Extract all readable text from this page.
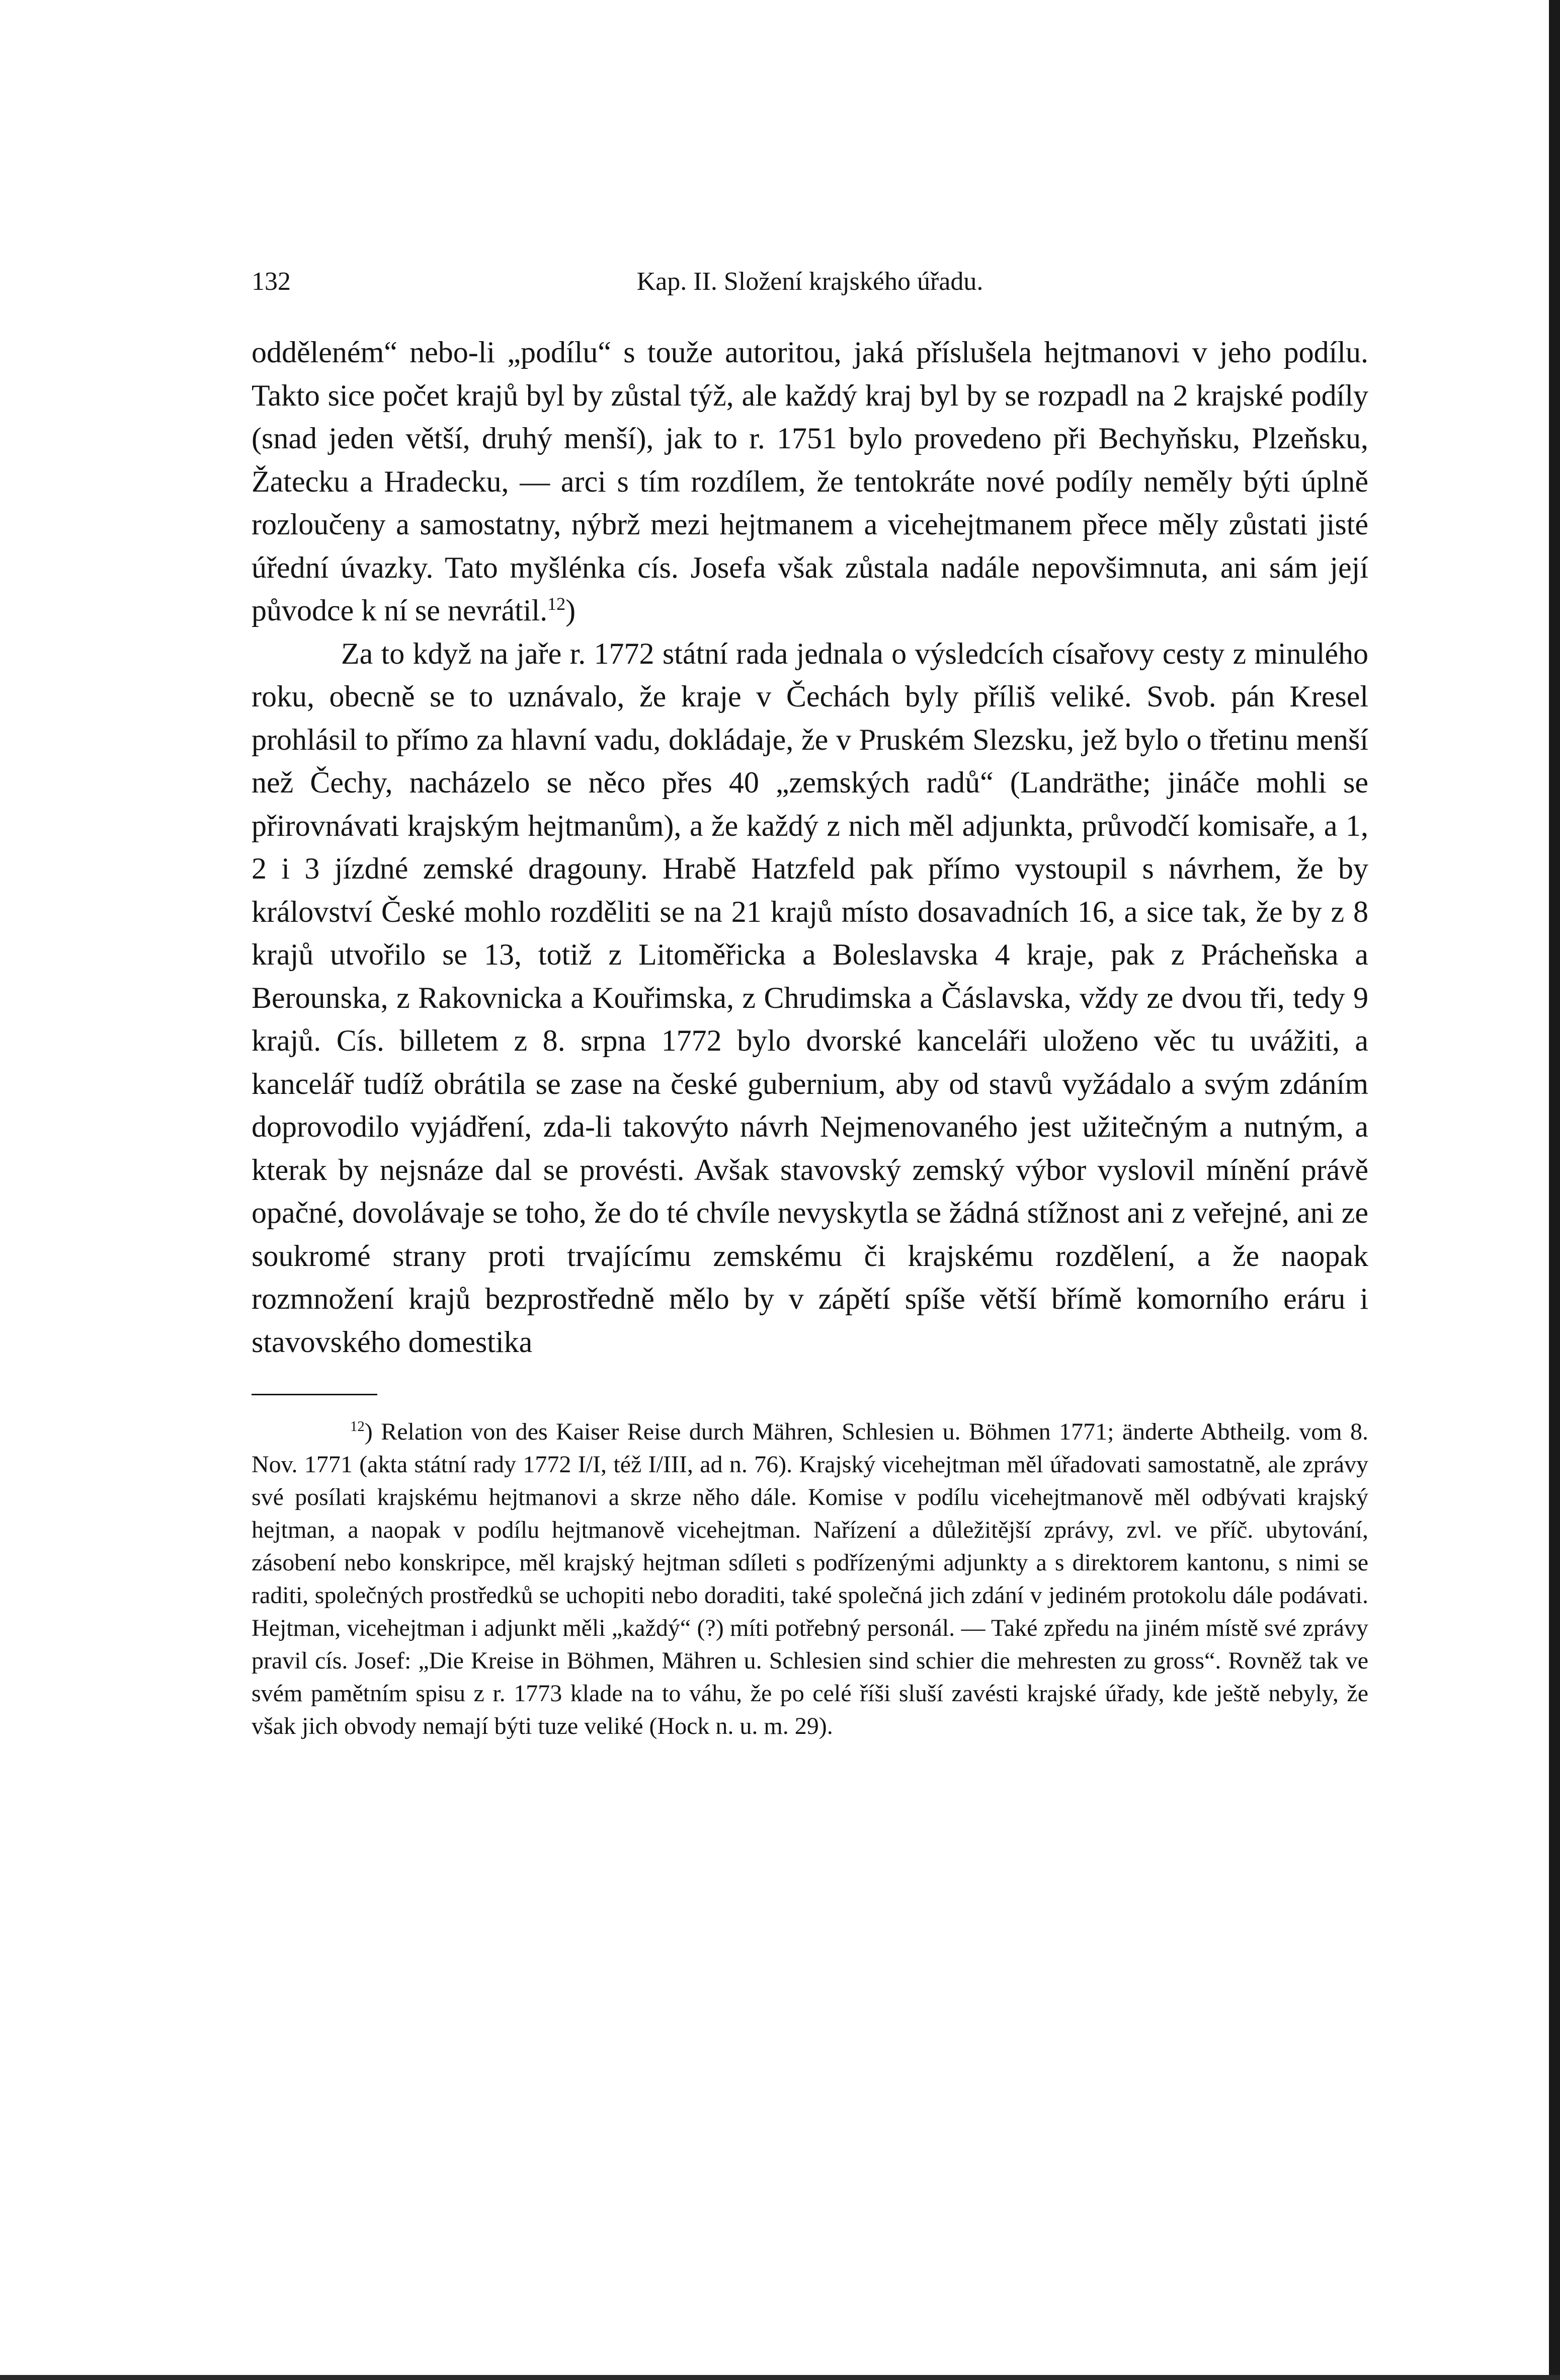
132	Kap. II. Složení krajského úřadu.

odděleném“ nebo-li „podílu“ s touže autoritou, jaká příslušela hejtmanovi v jeho podílu. Takto sice počet krajů byl by zůstal týž, ale každý kraj byl by se rozpadl na 2 krajské podíly (snad jeden větší, druhý menší), jak to r. 1751 bylo provedeno při Bechyňsku, Plzeňsku, Žatecku a Hradecku, — arci s tím rozdílem, že tentokráte nové podíly neměly býti úplně rozloučeny a samostatny, nýbrž mezi hejtmanem a vicehejtmanem přece měly zůstati jisté úřední úvazky. Tato myšlénka cís. Josefa však zůstala nadále nepovšimnuta, ani sám její původce k ní se nevrátil.$^{12}$)

Za to když na jaře r. 1772 státní rada jednala o výsledcích císařovy cesty z minulého roku, obecně se to uznávalo, že kraje v Čechách byly příliš veliké. Svob. pán Kresel prohlásil to přímo za hlavní vadu, dokládaje, že v Pruském Slezsku, jež bylo o třetinu menší než Čechy, nacházelo se něco přes 40 „zemských radů“ (Landräthe; jináče mohli se přirovnávati krajským hejtmanům), a že každý z nich měl adjunkta, průvodčí komisaře, a 1, 2 i 3 jízdné zemské dragouny. Hrabě Hatzfeld pak přímo vystoupil s návrhem, že by království České mohlo rozděliti se na 21 krajů místo dosavadních 16, a sice tak, že by z 8 krajů utvořilo se 13, totiž z Litoměřicka a Boleslavska 4 kraje, pak z Prácheňska a Berounska, z Rakovnicka a Kouřimska, z Chrudimska a Čáslavska, vždy ze dvou tři, tedy 9 krajů. Cís. billetem z 8. srpna 1772 bylo dvorské kanceláři uloženo věc tu uvážiti, a kancelář tudíž obrátila se zase na české gubernium, aby od stavů vyžádalo a svým zdáním doprovodilo vyjádření, zda-li takovýto návrh Nejmenovaného jest užitečným a nutným, a kterak by nejsnáze dal se provésti. Avšak stavovský zemský výbor vyslovil mínění právě opačné, dovolávaje se toho, že do té chvíle nevyskytla se žádná stížnost ani z veřejné, ani ze soukromé strany proti trvajícímu zemskému či krajskému rozdělení, a že naopak rozmnožení krajů bezprostředně mělo by v zápětí spíše větší břímě komorního eráru i stavovského domestika

$^{12}$) Relation von des Kaiser Reise durch Mähren, Schlesien u. Böhmen 1771; änderte Abtheilg. vom 8. Nov. 1771 (akta státní rady 1772 I/I, též I/III, ad n. 76). Krajský vicehejtman měl úřadovati samostatně, ale zprávy své posílati krajskému hejtmanovi a skrze něho dále. Komise v podílu vicehejtmanově měl odbývati krajský hejtman, a naopak v podílu hejtmanově vicehejtman. Nařízení a důležitější zprávy, zvl. ve příč. ubytování, zásobení nebo konskripce, měl krajský hejtman sdíleti s podřízenými adjunkty a s direktorem kantonu, s nimi se raditi, společných prostředků se uchopiti nebo doraditi, také společná jich zdání v jediném protokolu dále podávati. Hejtman, vicehejtman i adjunkt měli „každý“ (?) míti potřebný personál. — Také zpředu na jiném místě své zprávy pravil cís. Josef: „Die Kreise in Böhmen, Mähren u. Schlesien sind schier die mehresten zu gross“. Rovněž tak ve svém pamětním spisu z r. 1773 klade na to váhu, že po celé říši sluší zavésti krajské úřady, kde ještě nebyly, že však jich obvody nemají býti tuze veliké (Hock n. u. m. 29).
